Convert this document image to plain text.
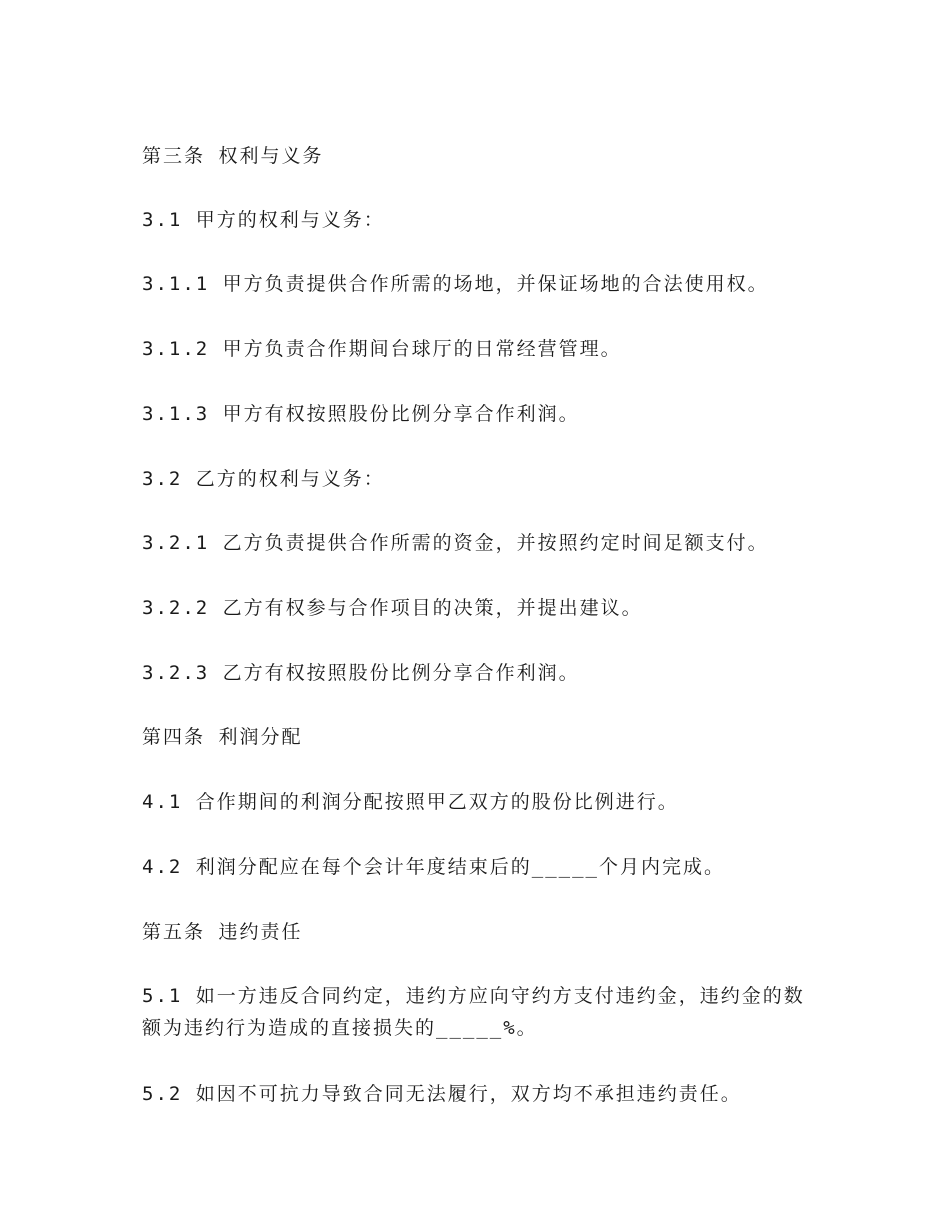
第三条 权利与义务

3.1 甲方的权利与义务：

3.1.1 甲方负责提供合作所需的场地，并保证场地的合法使用权。

3.1.2 甲方负责合作期间台球厅的日常经营管理。

3.1.3 甲方有权按照股份比例分享合作利润。

3.2 乙方的权利与义务：

3.2.1 乙方负责提供合作所需的资金，并按照约定时间足额支付。

3.2.2 乙方有权参与合作项目的决策，并提出建议。

3.2.3 乙方有权按照股份比例分享合作利润。

第四条 利润分配

4.1 合作期间的利润分配按照甲乙双方的股份比例进行。

4.2 利润分配应在每个会计年度结束后的_____个月内完成。

第五条 违约责任

5.1 如一方违反合同约定，违约方应向守约方支付违约金，违约金的数额为违约行为造成的直接损失的_____%。

5.2 如因不可抗力导致合同无法履行，双方均不承担违约责任。
